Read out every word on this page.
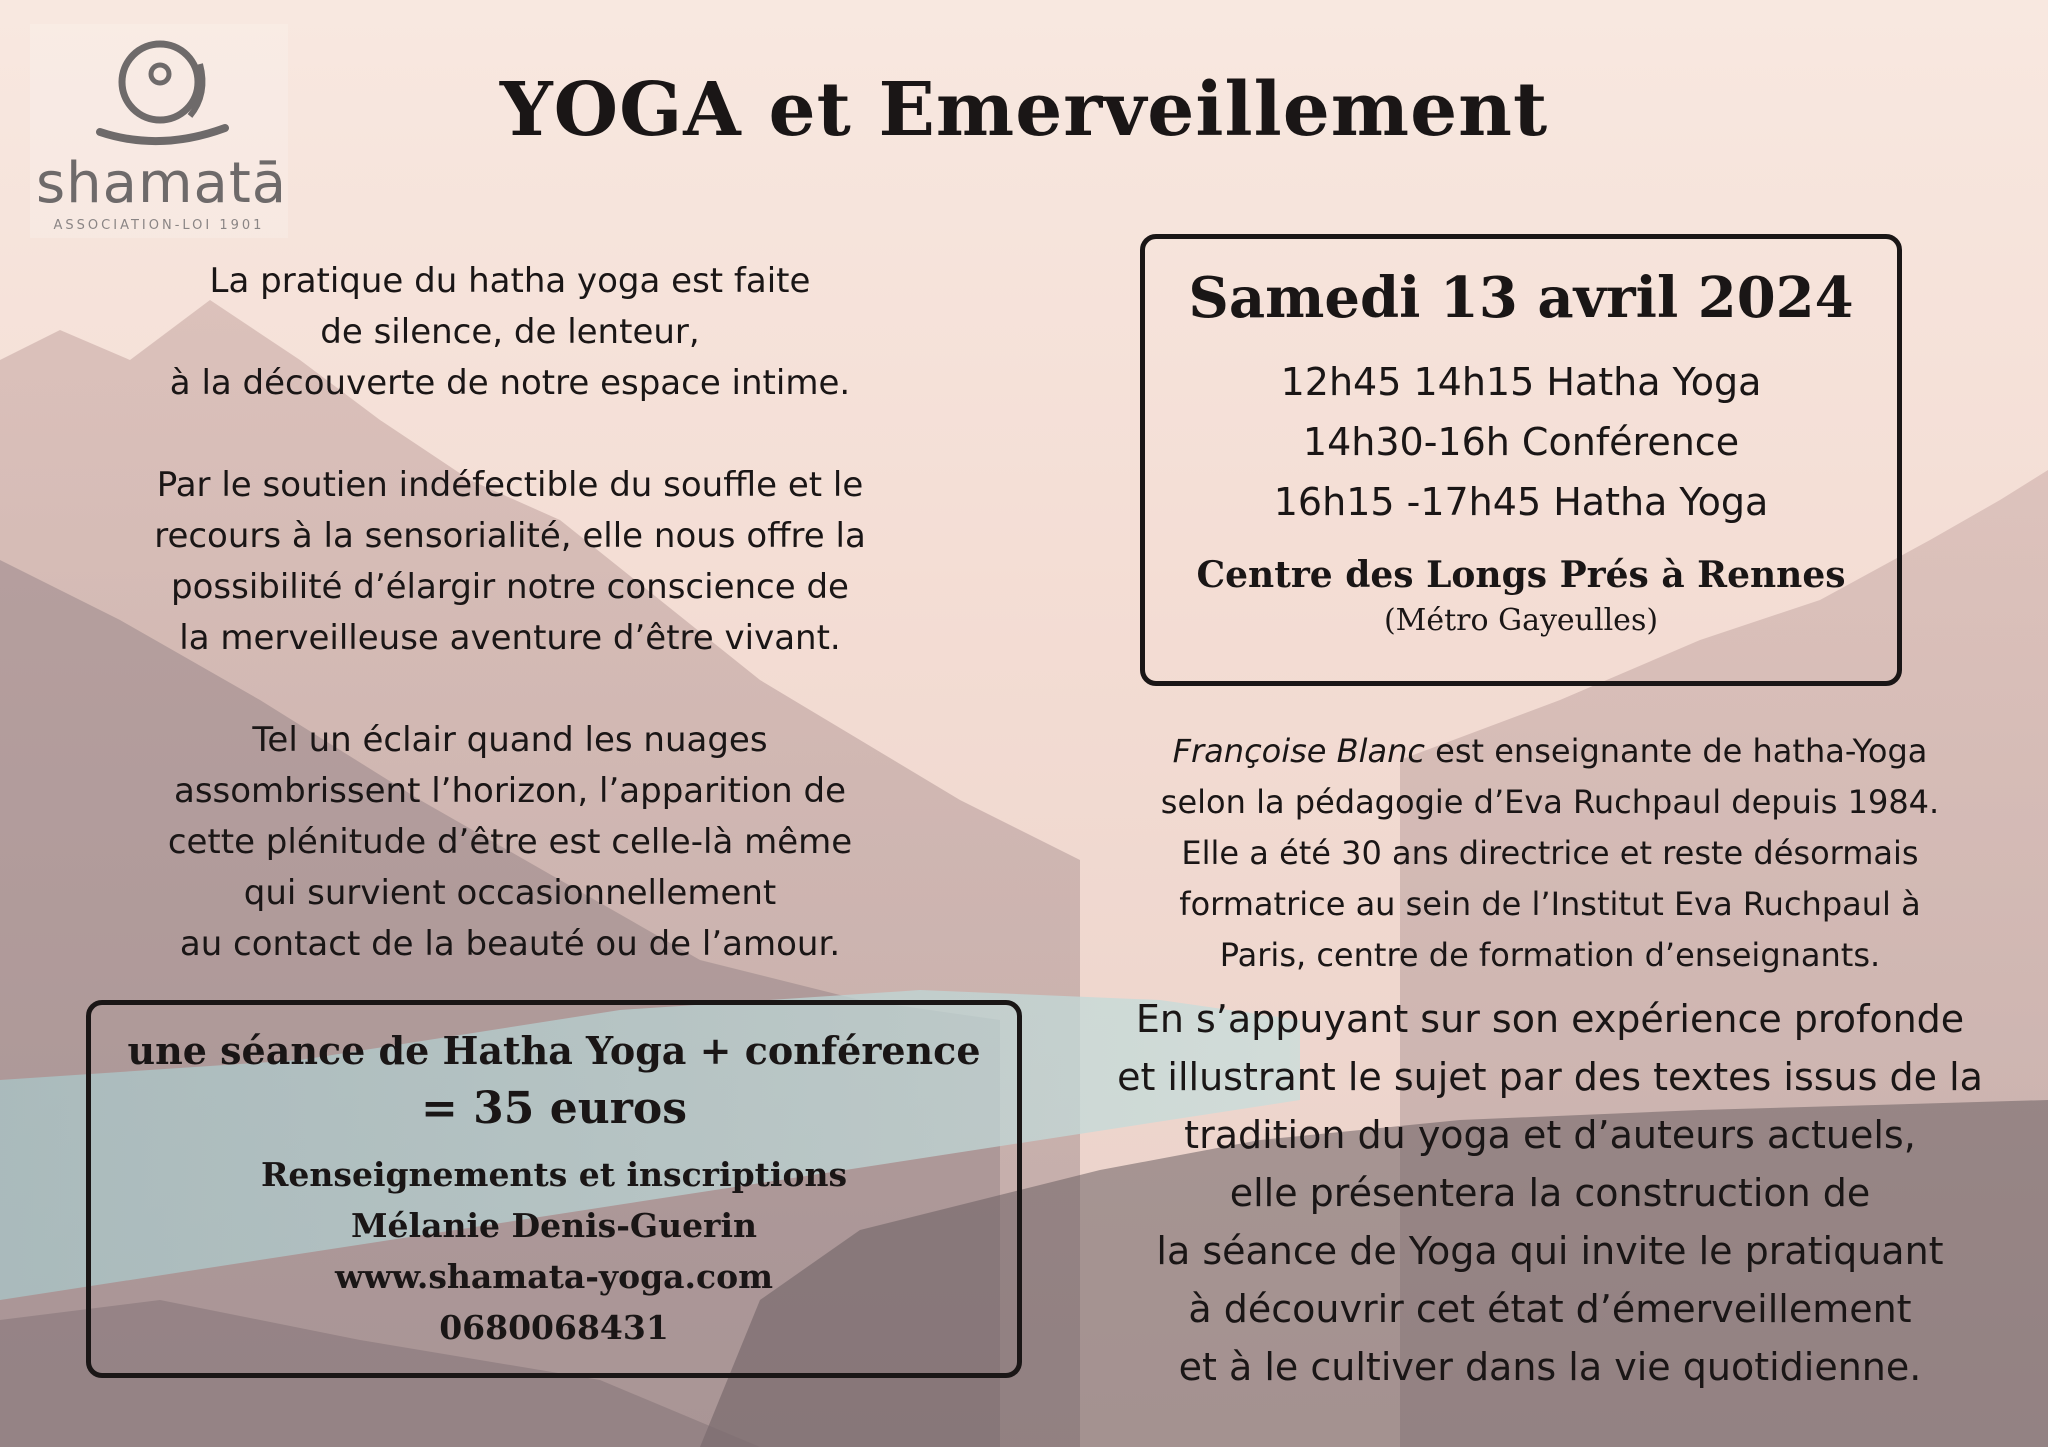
shamatā
ASSOCIATION-LOI 1901
YOGA et Emerveillement

La pratique du hatha yoga est faite
de silence, de lenteur,
à la découverte de notre espace intime.

Par le soutien indéfectible du souffle et le
recours à la sensorialité, elle nous offre la
possibilité d’élargir notre conscience de
la merveilleuse aventure d’être vivant.

Tel un éclair quand les nuages
assombrissent l’horizon, l’apparition de
cette plénitude d’être est celle-là même
qui survient occasionnellement
au contact de la beauté ou de l’amour.

Samedi 13 avril 2024
12h45 14h15 Hatha Yoga
14h30-16h Conférence
16h15 -17h45 Hatha Yoga
Centre des Longs Prés à Rennes
(Métro Gayeulles)
Françoise Blanc est enseignante de hatha-Yoga
selon la pédagogie d’Eva Ruchpaul depuis 1984.
Elle a été 30 ans directrice et reste désormais
formatrice au sein de l’Institut Eva Ruchpaul à
Paris, centre de formation d’enseignants.
En s’appuyant sur son expérience profonde
et illustrant le sujet par des textes issus de la
tradition du yoga et d’auteurs actuels,
elle présentera la construction de
la séance de Yoga qui invite le pratiquant
à découvrir cet état d’émerveillement
et à le cultiver dans la vie quotidienne.
une séance de Hatha Yoga + conférence
= 35 euros
Renseignements et inscriptions
Mélanie Denis-Guerin
www.shamata-yoga.com
0680068431
